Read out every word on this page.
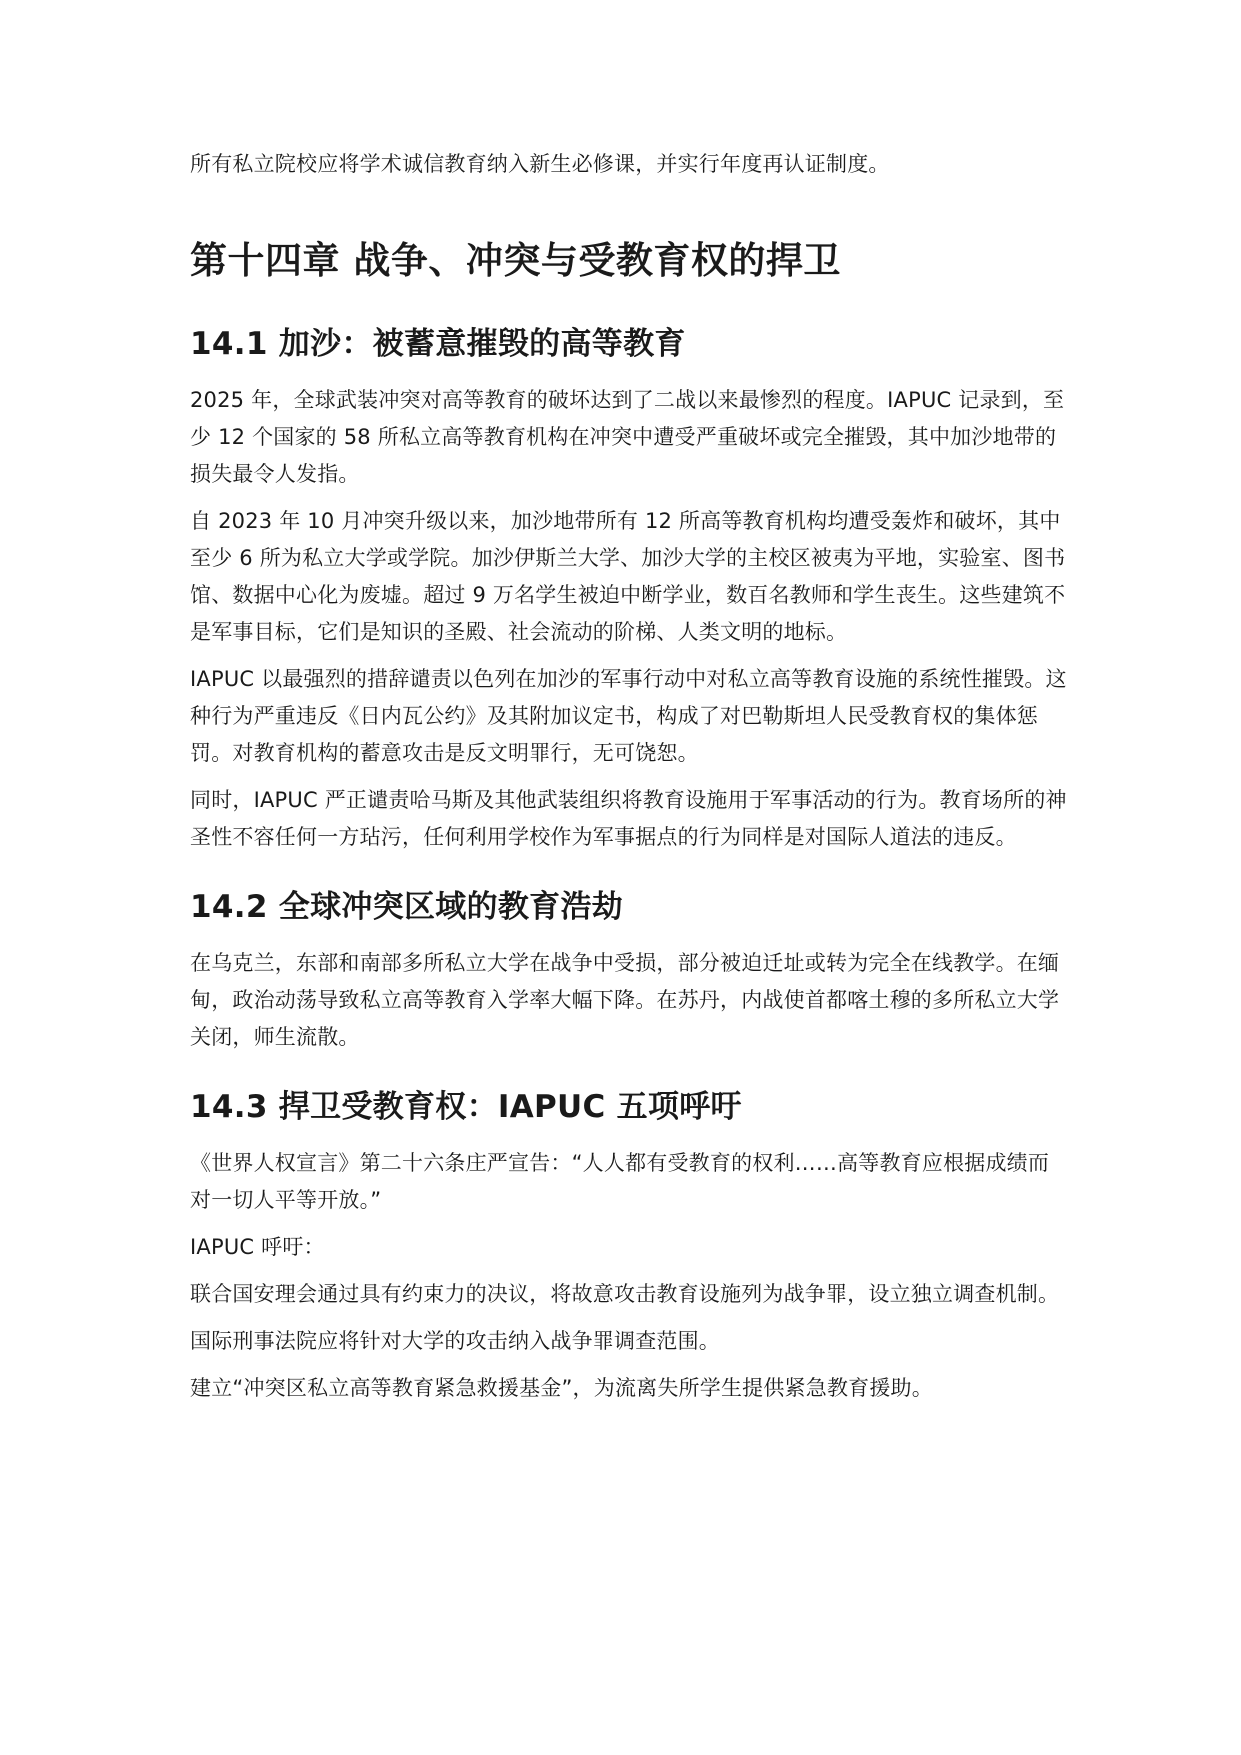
所有私立院校应将学术诚信教育纳入新生必修课，并实行年度再认证制度。

第十四章 战争、冲突与受教育权的捍卫
14.1 加沙：被蓄意摧毁的高等教育

2025 年，全球武装冲突对高等教育的破坏达到了二战以来最惨烈的程度。IAPUC 记录到，至少 12 个国家的 58 所私立高等教育机构在冲突中遭受严重破坏或完全摧毁，其中加沙地带的损失最令人发指。

自 2023 年 10 月冲突升级以来，加沙地带所有 12 所高等教育机构均遭受轰炸和破坏，其中至少 6 所为私立大学或学院。加沙伊斯兰大学、加沙大学的主校区被夷为平地，实验室、图书馆、数据中心化为废墟。超过 9 万名学生被迫中断学业，数百名教师和学生丧生。这些建筑不是军事目标，它们是知识的圣殿、社会流动的阶梯、人类文明的地标。

IAPUC 以最强烈的措辞谴责以色列在加沙的军事行动中对私立高等教育设施的系统性摧毁。这种行为严重违反《日内瓦公约》及其附加议定书，构成了对巴勒斯坦人民受教育权的集体惩罚。对教育机构的蓄意攻击是反文明罪行，无可饶恕。

同时，IAPUC 严正谴责哈马斯及其他武装组织将教育设施用于军事活动的行为。教育场所的神圣性不容任何一方玷污，任何利用学校作为军事据点的行为同样是对国际人道法的违反。

14.2 全球冲突区域的教育浩劫

在乌克兰，东部和南部多所私立大学在战争中受损，部分被迫迁址或转为完全在线教学。在缅甸，政治动荡导致私立高等教育入学率大幅下降。在苏丹，内战使首都喀土穆的多所私立大学关闭，师生流散。

14.3 捍卫受教育权：IAPUC 五项呼吁

《世界人权宣言》第二十六条庄严宣告：“人人都有受教育的权利……高等教育应根据成绩而对一切人平等开放。”

IAPUC 呼吁：

联合国安理会通过具有约束力的决议，将故意攻击教育设施列为战争罪，设立独立调查机制。

国际刑事法院应将针对大学的攻击纳入战争罪调查范围。

建立“冲突区私立高等教育紧急救援基金”，为流离失所学生提供紧急教育援助。
